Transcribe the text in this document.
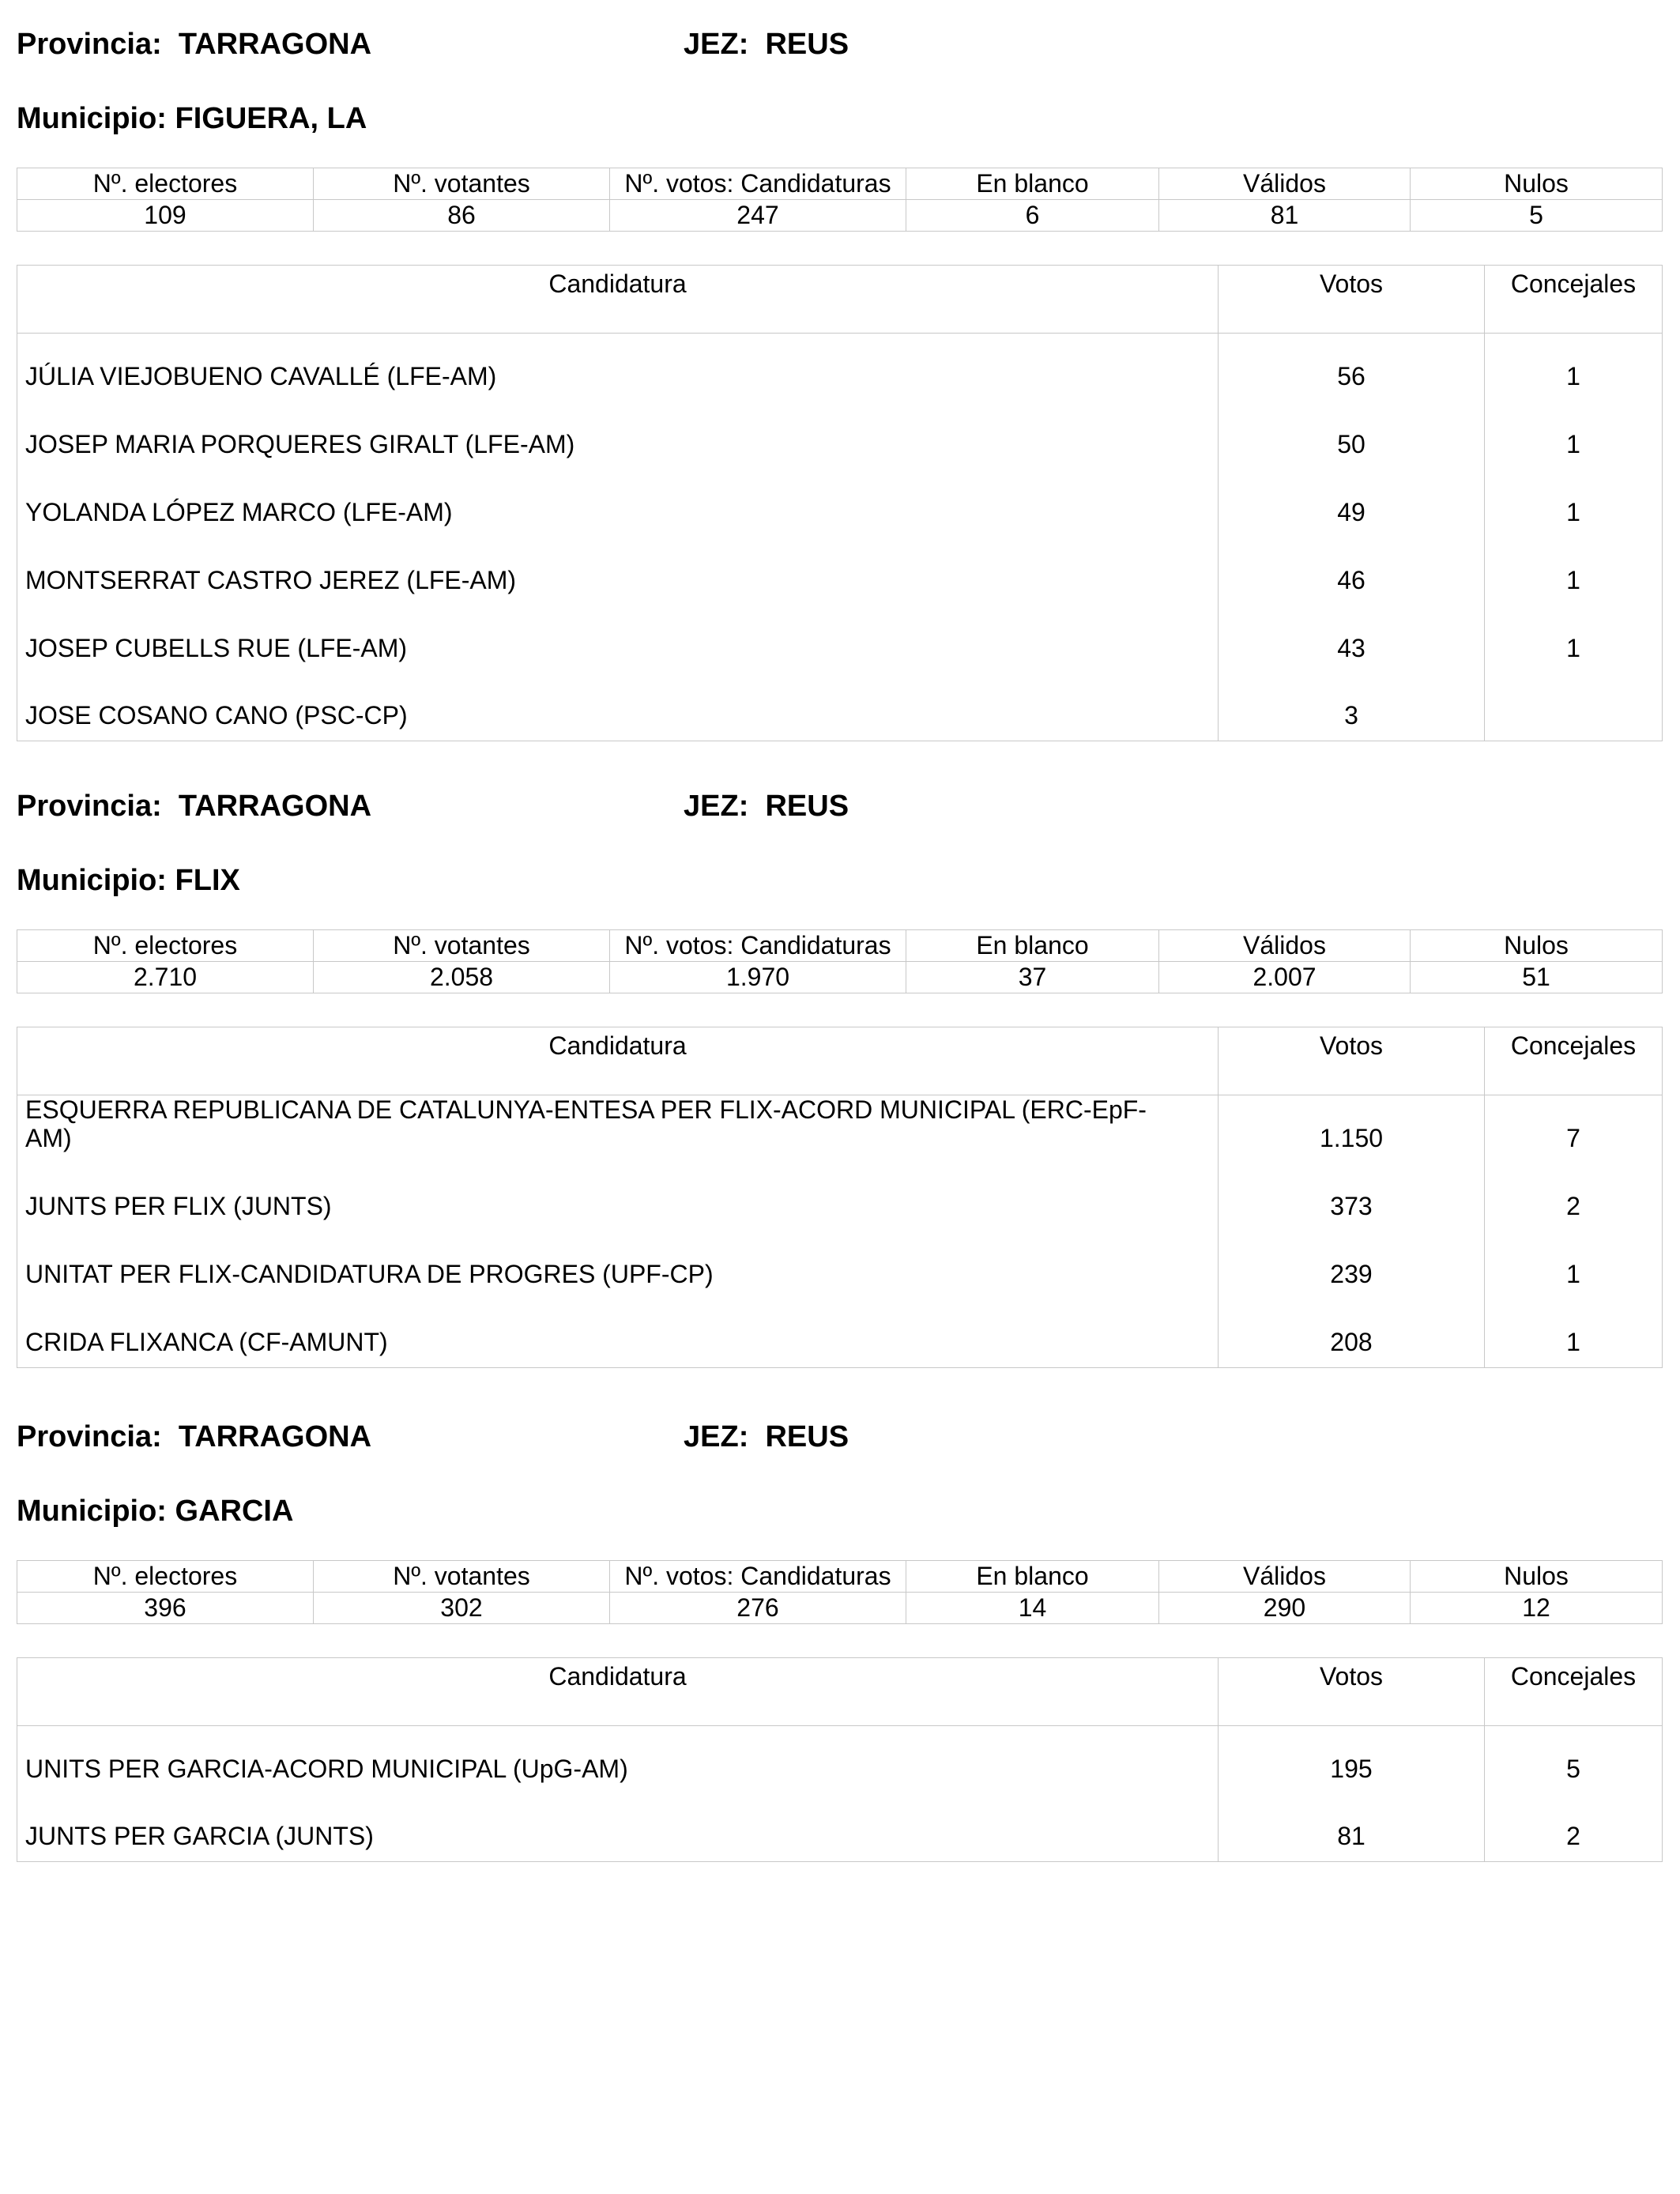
Provincia:  TARRAGONA	JEZ:  REUS
Municipio: FIGUERA, LA
Nº. electores	Nº. votantes	Nº. votos: Candidaturas	En blanco	Válidos	Nulos
109	86	247	6	81	5
Candidatura	Votos	Concejales
JÚLIA VIEJOBUENO CAVALLÉ (LFE-AM)	56	1
JOSEP MARIA PORQUERES GIRALT (LFE-AM)	50	1
YOLANDA LÓPEZ MARCO (LFE-AM)	49	1
MONTSERRAT CASTRO JEREZ (LFE-AM)	46	1
JOSEP CUBELLS RUE (LFE-AM)	43	1
JOSE COSANO CANO (PSC-CP)	3	
Provincia:  TARRAGONA	JEZ:  REUS
Municipio: FLIX
Nº. electores	Nº. votantes	Nº. votos: Candidaturas	En blanco	Válidos	Nulos
2.710	2.058	1.970	37	2.007	51
Candidatura	Votos	Concejales
ESQUERRA REPUBLICANA DE CATALUNYA-ENTESA PER FLIX-ACORD MUNICIPAL (ERC-EpF-AM)	1.150	7
JUNTS PER FLIX (JUNTS)	373	2
UNITAT PER FLIX-CANDIDATURA DE PROGRES (UPF-CP)	239	1
CRIDA FLIXANCA (CF-AMUNT)	208	1
Provincia:  TARRAGONA	JEZ:  REUS
Municipio: GARCIA
Nº. electores	Nº. votantes	Nº. votos: Candidaturas	En blanco	Válidos	Nulos
396	302	276	14	290	12
Candidatura	Votos	Concejales
UNITS PER GARCIA-ACORD MUNICIPAL (UpG-AM)	195	5
JUNTS PER GARCIA (JUNTS)	81	2
